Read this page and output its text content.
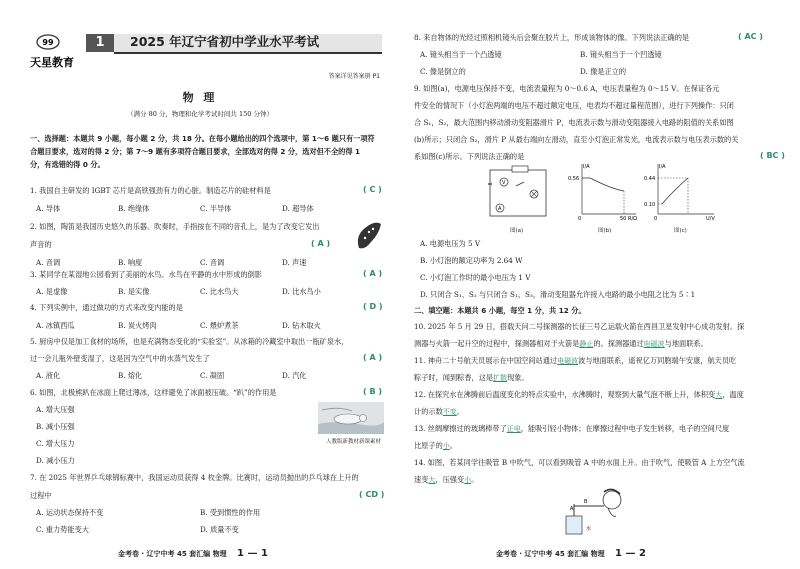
99
天星教育
1	2025 年辽宁省初中学业水平考试
答案详见答案册 P1
物 理
（满分 80 分，物理和化学考试时间共 150 分钟）
一、选择题：本题共 9 小题，每小题 2 分，共 18 分。在每小题给出的四个选项中，第 1～6 题只有一项符
合题目要求，选对的得 2 分；第 7～9 题有多项符合题目要求，全部选对的得 2 分，选对但不全的得 1
分，有选错的得 0 分。
1. 我国自主研发的 IGBT 芯片是高铁强劲有力的心脏。制造芯片的硅材料是	( C )
A. 导体	B. 绝缘体	C. 半导体	D. 超导体
2. 如图，陶笛是我国历史悠久的乐器。吹奏时，手指按在不同的音孔上，是为了改变它发出
声音的	( A )
A. 音调	B. 响度	C. 音调	D. 声速
3. 某同学在某湿地公园看到了美丽的水鸟。水鸟在平静的水中形成的倒影	( A )
A. 是虚像	B. 是实像	C. 比水鸟大	D. 比水鸟小
4. 下列实例中，通过做功的方式来改变内能的是	( D )
A. 冰镇西瓜	B. 炭火烤肉	C. 煨炉煮茶	D. 钻木取火
5. 厨房中仅是加工食材的场所，也是充满物态变化的“实验室”。从冰箱的冷藏室中取出一瓶矿泉水，
过一会儿瓶外壁变湿了，这是因为空气中的水蒸气发生了	( A )
A. 液化	B. 熔化	C. 凝固	D. 汽化
6. 如图，北极熊趴在冰面上爬过薄冰，这样避免了冰面被压破。“趴”的作用是	( B )
A. 增大压强
B. 减小压强
C. 增大压力
D. 减小压力
人教版新教材新课素材
7. 在 2025 年世界乒乓球锦标赛中，我国运动员获得 4 枚金牌。比赛时，运动员抛出的乒乓球在上升的
过程中	( CD )
A. 运动状态保持不变	B. 受到惯性的作用
C. 重力势能变大	D. 质量不变
金考卷 · 辽宁中考 45 套汇编 物理 1 — 1
8. 来自物体的光经过照相机镜头后会聚在胶片上，形成该物体的像。下列说法正确的是	( AC )
A. 镜头相当于一个凸透镜	B. 镜头相当于一个凹透镜
C. 像是倒立的	D. 像是正立的
9. 如图(a)，电源电压保持不变，电流表量程为 0～0.6 A，电压表量程为 0～15 V。在保证各元
件安全的情况下（小灯泡两端的电压不超过额定电压，电表均不超过量程范围），进行下列操作：只闭
合 S₁，S₂，最大范围内移动滑动变阻器滑片 P，电流表示数与滑动变阻器接入电路的阻值的关系如图
(b)所示；只闭合 S₂，滑片 P 从最右端向左滑动，直至小灯泡正常发光，电流表示数与电压表示数的关
系如图(c)所示。下列说法正确的是	( BC )
V
A
图(a)
0.56
I/A
50 R/Ω
0
图(b)
0.44
0.10
I/A
U/V
0
图(c)
A. 电源电压为 5 V
B. 小灯泡的额定功率为 2.64 W
C. 小灯泡工作时的最小电压为 1 V
D. 只闭合 S₁、S₂ 与只闭合 S₁、S₃，滑动变阻器允许接入电路的最小电阻之比为 5∶1
二、填空题：本题共 6 小题，每空 1 分，共 12 分。
10. 2025 年 5 月 29 日，搭载天问二号探测器的长征三号乙运载火箭在西昌卫星发射中心成功发射。探
测器与火箭一起升空的过程中，探测器相对于火箭是静止的。探测器通过电磁波与地面联系。
11. 神舟二十号航天员展示在中国空间站通过电磁波波与地面联系，遥祝亿万同胞端午安康，航天员吃
粽子时，闻到粽香，这是扩散现象。
12. 在探究水在沸腾前后温度变化的特点实验中，水沸腾时，观察到大量气泡不断上升，体积变大，温度
计的示数不变。
13. 丝绸摩擦过的玻璃棒带了正电，能吸引轻小物体；在摩擦过程中电子发生转移，电子的空间尺度
比原子的小。
14. 如图，若某同学往吸管 B 中吹气，可以看到吸管 A 中的水面上升。由于吹气，使吸管 A 上方空气流
速变大，压强变小。
A
B
水
金考卷 · 辽宁中考 45 套汇编 物理 1 — 2
